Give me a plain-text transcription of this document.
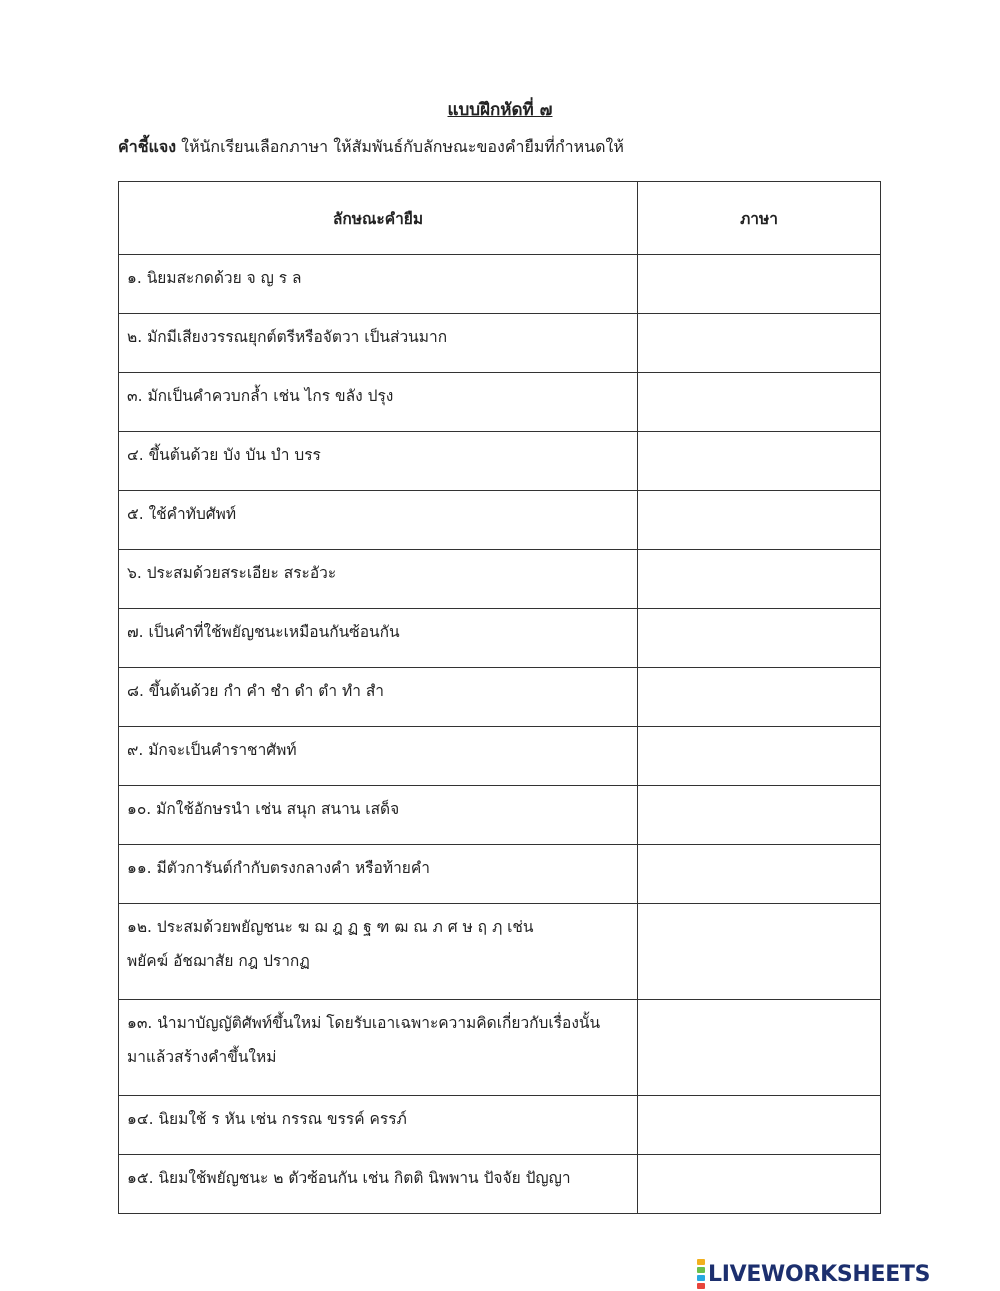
แบบฝึกหัดที่ ๗
คำชี้แจง ให้นักเรียนเลือกภาษา ให้สัมพันธ์กับลักษณะของคำยืมที่กำหนดให้
ลักษณะคำยืม	ภาษา

๑. นิยมสะกดด้วย จ ญ ร ล	

๒. มักมีเสียงวรรณยุกต์ตรีหรือจัตวา เป็นส่วนมาก	

๓. มักเป็นคำควบกล้ำ เช่น ไกร ขลัง ปรุง	

๔. ขึ้นต้นด้วย บัง บัน บำ บรร	

๕. ใช้คำทับศัพท์	

๖. ประสมด้วยสระเอียะ สระอัวะ	

๗. เป็นคำที่ใช้พยัญชนะเหมือนกันซ้อนกัน	

๘. ขึ้นต้นด้วย กำ คำ ชำ ดำ ตำ ทำ สำ	

๙. มักจะเป็นคำราชาศัพท์	

๑๐. มักใช้อักษรนำ เช่น สนุก สนาน เสด็จ	

๑๑. มีตัวการันต์กำกับตรงกลางคำ หรือท้ายคำ	

๑๒. ประสมด้วยพยัญชนะ ฆ ฌ ฎ ฏ ฐ ฑ ฒ ณ ภ ศ ษ ฤ ฦ เช่น
พยัคฆ์ อัชฌาสัย กฎ ปรากฏ	

๑๓. นำมาบัญญัติศัพท์ขึ้นใหม่ โดยรับเอาเฉพาะความคิดเกี่ยวกับเรื่องนั้น
มาแล้วสร้างคำขึ้นใหม่	

๑๔. นิยมใช้ ร หัน เช่น กรรณ ขรรค์ ครรภ์	

๑๕. นิยมใช้พยัญชนะ ๒ ตัวซ้อนกัน เช่น กิตติ นิพพาน ปัจจัย ปัญญา	

LIVEWORKSHEETS
